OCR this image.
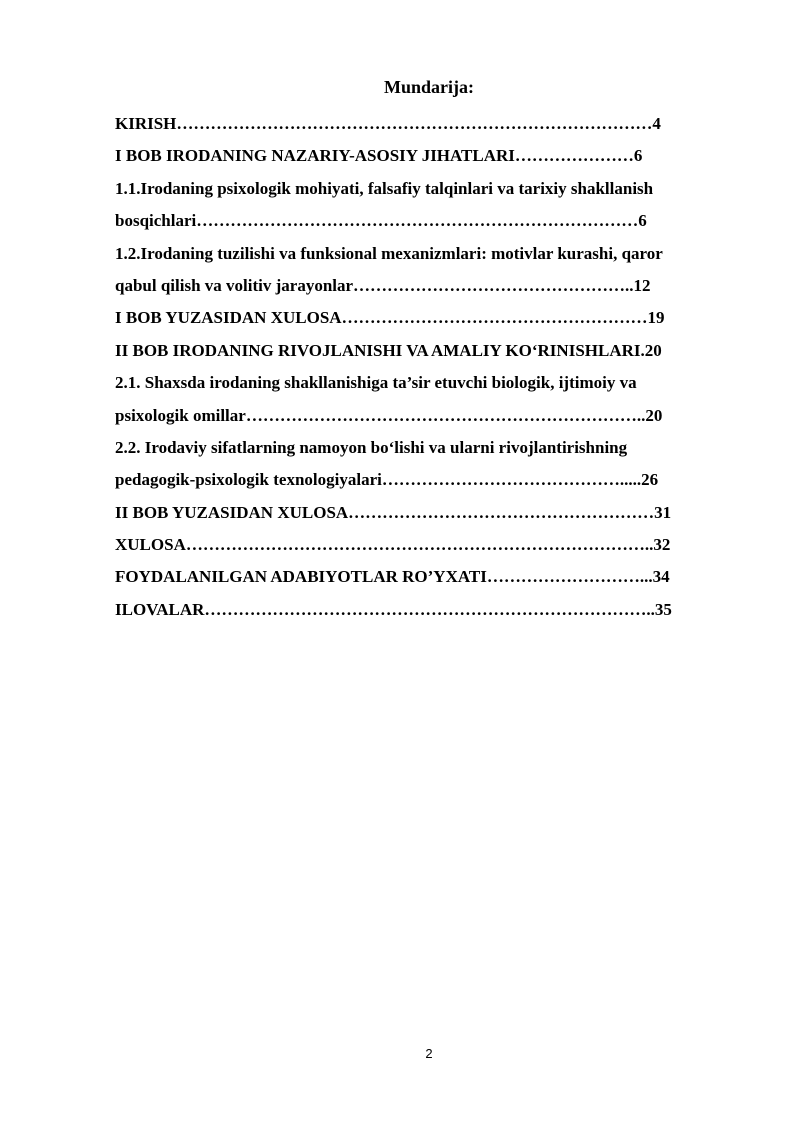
Mundarija:
KIRISH…………………………………………………………………………4
I BOB IRODANING NAZARIY-ASOSIY JIHATLARI…………………6
1.1.Irodaning psixologik mohiyati, falsafiy talqinlari va tarixiy shakllanish
bosqichlari……………………………………………………………………6
1.2.Irodaning tuzilishi va funksional mexanizmlari: motivlar kurashi, qaror
qabul qilish va volitiv jarayonlar…………………………………………..12
I BOB YUZASIDAN XULOSA………………………………………………19
II BOB IRODANING RIVOJLANISHI VA AMALIY KO‘RINISHLARI.20
2.1. Shaxsda irodaning shakllanishiga ta’sir etuvchi biologik, ijtimoiy va
psixologik omillar……………………………………………………………..20
2.2. Irodaviy sifatlarning namoyon bo‘lishi va ularni rivojlantirishning
pedagogik-psixologik texnologiyalari…………………………………….....26
II BOB YUZASIDAN XULOSA………………………………………………31
XULOSA………………………………………………………………………..32
FOYDALANILGAN ADABIYOTLAR RO’YXATI………………………...34
ILOVALAR……………………………………………………………………..35
2
